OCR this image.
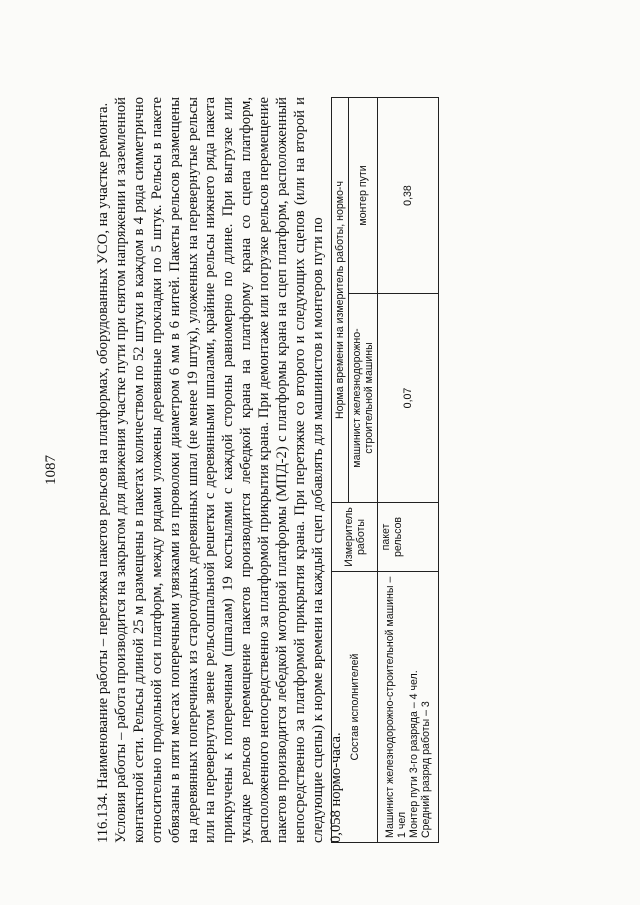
1087 116.134. Наименование работы – перетяжка пакетов рельсов на платформах, оборудованных УСО, на участке ремонта. Условия работы – работа производится на закрытом для движения участке пути при снятом напряжении и заземленной контактной сети. Рельсы длиной 25 м размещены в пакетах количеством по 52 штуки в каждом в 4 ряда симметрично относительно продольной оси платформ, между рядами уложены деревянные прокладки по 5 штук. Рельсы в пакете обвязаны в пяти местах поперечными увязками из проволоки диаметром 6 мм в 6 нитей. Пакеты рельсов размещены на деревянных поперечинах из старогодных деревянных шпал (не менее 19 штук), уложенных на перевернутые рельсы или на перевернутом звене рельсошпальной решетки с деревянными шпалами, крайние рельсы нижнего ряда пакета прикручены к поперечинам (шпалам) 19 костылями с каждой стороны равномерно по длине. При выгрузке или укладке рельсов перемещение пакетов производится лебедкой крана на платформу крана со сцепа платформ, расположенного непосредственно за платформой прикрытия крана. При демонтаже или погрузке рельсов перемещение пакетов производится лебедкой моторной платформы (МПД-2) с платформы крана на сцеп платформ, расположенный непосредственно за платформой прикрытия крана. При перетяжке со второго и следующих сцепов (или на второй и следующие сцепы) к норме времени на каждый сцеп добавлять для машинистов и монтеров пути по 0,058 нормо-часа.

Состав исполнителей	Измеритель работы	Норма времени на измеритель работы, нормо-ч	
		машинист железнодорожно-строительной машины	монтер пути

Машинист железнодорожно-строительной машины – 1 чел Монтер пути 3-го разряда – 4 чел. Средний разряд работы – 3	пакет рельсов	0,07	0,38
